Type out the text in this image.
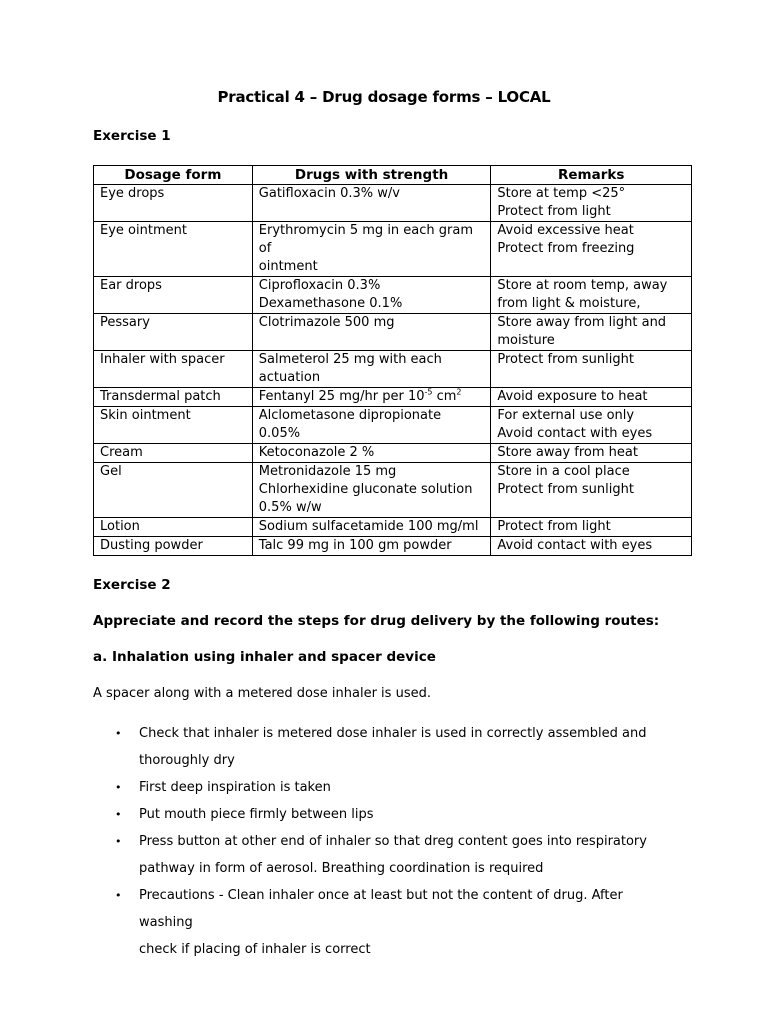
Practical 4 – Drug dosage forms – LOCAL
Exercise 1
Dosage form	Drugs with strength	Remarks
Eye drops	Gatifloxacin 0.3% w/v	Store at temp <25°
Protect from light

Eye ointment	Erythromycin 5 mg in each gram of
ointment	Avoid excessive heat
Protect from freezing

Ear drops	Ciprofloxacin 0.3%
Dexamethasone 0.1%	Store at room temp, away
from light & moisture,

Pessary	Clotrimazole 500 mg	Store away from light and
moisture

Inhaler with spacer	Salmeterol 25 mg with each
actuation	Protect from sunlight

Transdermal patch	Fentanyl 25 mg/hr per $10^{-5}$ $cm^2$	Avoid exposure to heat

Skin ointment	Alclometasone dipropionate 0.05%	For external use only
Avoid contact with eyes

Cream	Ketoconazole 2 %	Store away from heat

Gel	Metronidazole 15 mg
Chlorhexidine gluconate solution
0.5% w/w	Store in a cool place
Protect from sunlight

Lotion	Sodium sulfacetamide 100 mg/ml	Protect from light

Dusting powder	Talc 99 mg in 100 gm powder	Avoid contact with eyes
Exercise 2
Appreciate and record the steps for drug delivery by the following routes:
a. Inhalation using inhaler and spacer device
A spacer along with a metered dose inhaler is used.
• Check that inhaler is metered dose inhaler is used in correctly assembled and
thoroughly dry
• First deep inspiration is taken
• Put mouth piece firmly between lips
• Press button at other end of inhaler so that dreg content goes into respiratory
pathway in form of aerosol. Breathing coordination is required
• Precautions - Clean inhaler once at least but not the content of drug. After washing
check if placing of inhaler is correct
